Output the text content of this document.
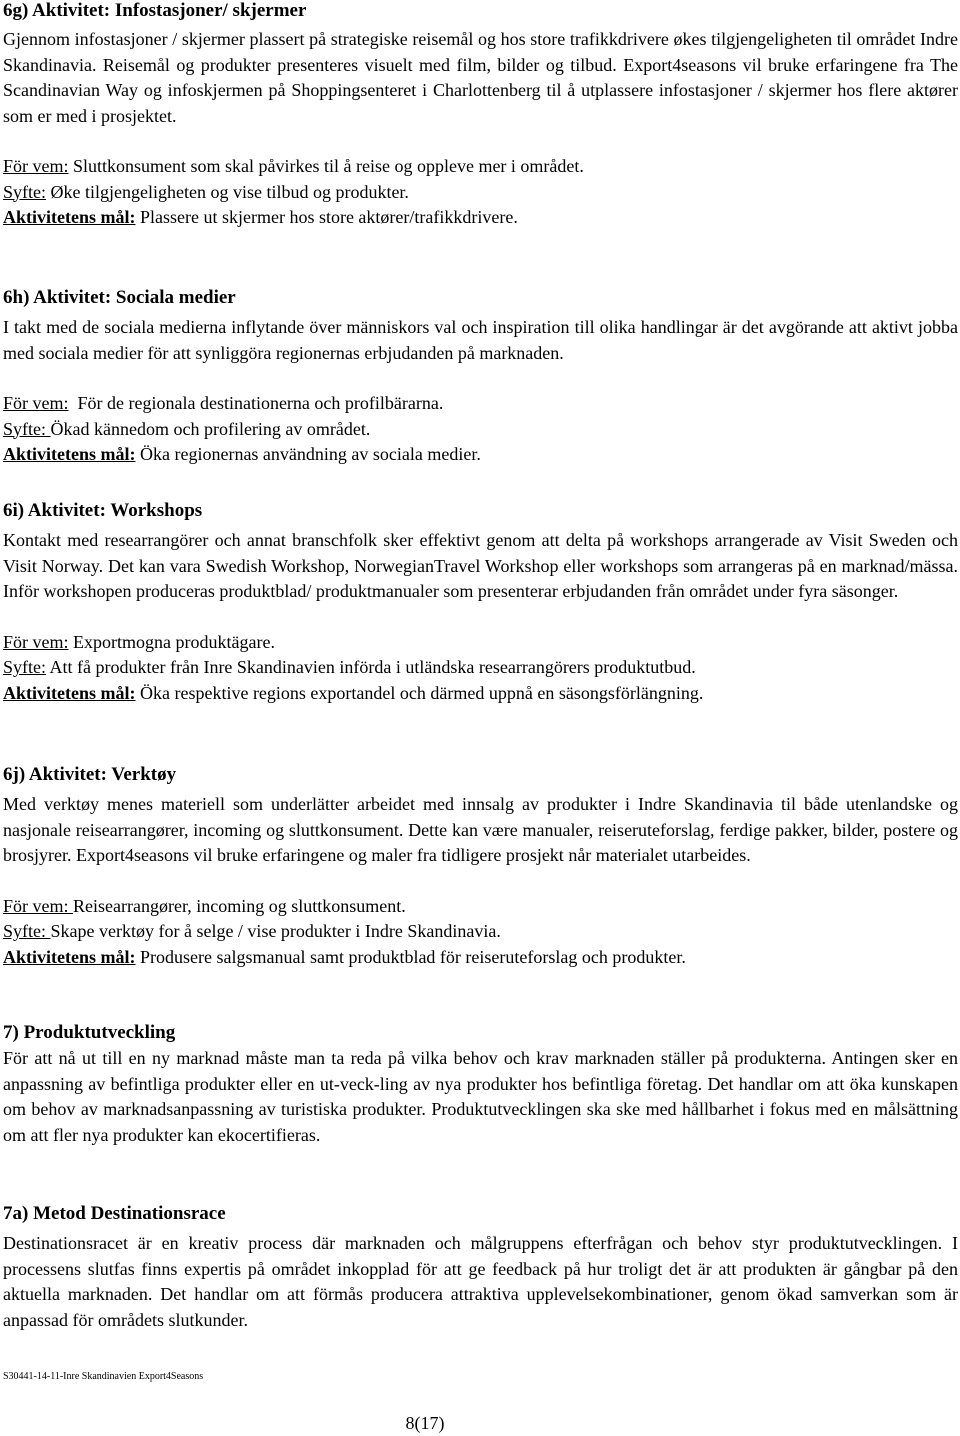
6g) Aktivitet: Infostasjoner/ skjermer

Gjennom infostasjoner / skjermer plassert på strategiske reisemål og hos store trafikkdrivere økes tilgjengeligheten til området Indre Skandinavia. Reisemål og produkter presenteres visuelt med film, bilder og tilbud. Export4seasons vil bruke erfaringene fra The Scandinavian Way og infoskjermen på Shoppingsenteret i Charlottenberg til å utplassere infostasjoner / skjermer hos flere aktører som er med i prosjektet.

För vem: Sluttkonsument som skal påvirkes til å reise og oppleve mer i området.

Syfte: Øke tilgjengeligheten og vise tilbud og produkter.

Aktivitetens mål: Plassere ut skjermer hos store aktører/trafikkdrivere.

6h) Aktivitet: Sociala medier

I takt med de sociala medierna inflytande över människors val och inspiration till olika handlingar är det avgörande att aktivt jobba med sociala medier för att synliggöra regionernas erbjudanden på marknaden.

För vem:  För de regionala destinationerna och profilbärarna.

Syfte: Ökad kännedom och profilering av området.

Aktivitetens mål: Öka regionernas användning av sociala medier.

6i) Aktivitet: Workshops

Kontakt med researrangörer och annat branschfolk sker effektivt genom att delta på workshops arrangerade av Visit Sweden och Visit Norway. Det kan vara Swedish Workshop, NorwegianTravel Workshop eller workshops som arrangeras på en marknad/mässa. Inför workshopen produceras produktblad/ produktmanualer som presenterar erbjudanden från området under fyra säsonger.

För vem: Exportmogna produktägare.

Syfte: Att få produkter från Inre Skandinavien införda i utländska researrangörers produktutbud.

Aktivitetens mål: Öka respektive regions exportandel och därmed uppnå en säsongsförlängning.

6j) Aktivitet: Verktøy

Med verktøy menes materiell som underlätter arbeidet med innsalg av produkter i Indre Skandinavia til både utenlandske og nasjonale reisearrangører, incoming og sluttkonsument. Dette kan være manualer, reiseruteforslag, ferdige pakker, bilder, postere og brosjyrer. Export4seasons vil bruke erfaringene og maler fra tidligere prosjekt når materialet utarbeides.

För vem: Reisearrangører, incoming og sluttkonsument.

Syfte: Skape verktøy for å selge / vise produkter i Indre Skandinavia.

Aktivitetens mål: Produsere salgsmanual samt produktblad för reiseruteforslag och produkter.

7) Produktutveckling

För att nå ut till en ny marknad måste man ta reda på vilka behov och krav marknaden ställer på produkterna. Antingen sker en anpassning av befintliga produkter eller en ut-veck-ling av nya produkter hos befintliga företag. Det handlar om att öka kunskapen om behov av marknadsanpassning av turistiska produkter. Produktutvecklingen ska ske med hållbarhet i fokus med en målsättning om att fler nya produkter kan ekocertifieras.

7a) Metod Destinationsrace

Destinationsracet är en kreativ process där marknaden och målgruppens efterfrågan och behov styr produktutvecklingen. I processens slutfas finns expertis på området inkopplad för att ge feedback på hur troligt det är att produkten är gångbar på den aktuella marknaden. Det handlar om att förmås producera attraktiva upplevelsekombinationer, genom ökad samverkan som är anpassad för områdets slutkunder.

S30441-14-11-Inre Skandinavien Export4Seasons
8(17)
